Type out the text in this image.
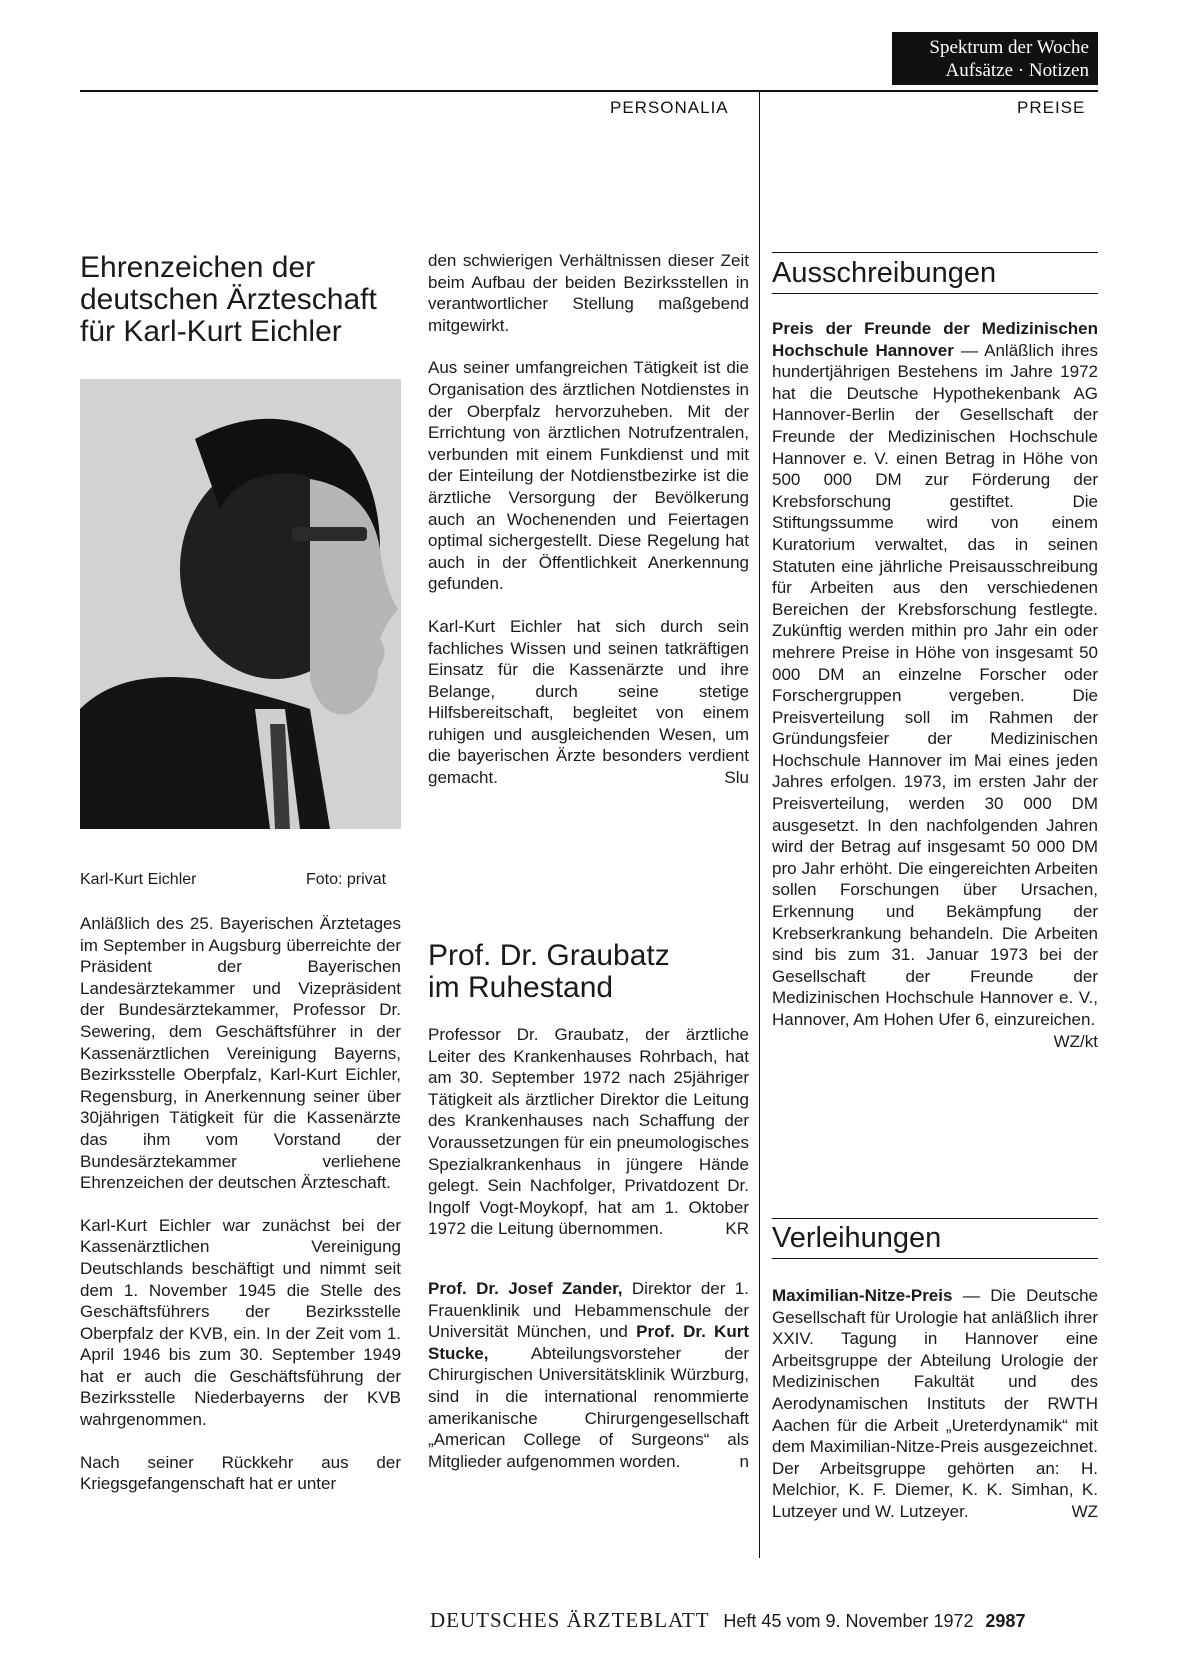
Spektrum der Woche
Aufsätze · Notizen
PERSONALIA	PREISE
Ehrenzeichen der
deutschen Ärzteschaft
für Karl-Kurt Eichler
Karl-Kurt Eichler	Foto: privat

Anläßlich des 25. Bayerischen Ärztetages im September in Augsburg überreichte der Präsident der Bayerischen Landesärztekammer und Vizepräsident der Bundesärztekammer, Professor Dr. Sewering, dem Geschäftsführer in der Kassenärztlichen Vereinigung Bayerns, Bezirksstelle Oberpfalz, Karl-Kurt Eichler, Regensburg, in Anerkennung seiner über 30jährigen Tätigkeit für die Kassenärzte das ihm vom Vorstand der Bundesärztekammer verliehene Ehrenzeichen der deutschen Ärzteschaft.

Karl-Kurt Eichler war zunächst bei der Kassenärztlichen Vereinigung Deutschlands beschäftigt und nimmt seit dem 1. November 1945 die Stelle des Geschäftsführers der Bezirksstelle Oberpfalz der KVB, ein. In der Zeit vom 1. April 1946 bis zum 30. September 1949 hat er auch die Geschäftsführung der Bezirksstelle Niederbayerns der KVB wahrgenommen.

Nach seiner Rückkehr aus der Kriegsgefangenschaft hat er unter

den schwierigen Verhältnissen dieser Zeit beim Aufbau der beiden Bezirksstellen in verantwortlicher Stellung maßgebend mitgewirkt.

Aus seiner umfangreichen Tätigkeit ist die Organisation des ärztlichen Notdienstes in der Oberpfalz hervorzuheben. Mit der Errichtung von ärztlichen Notrufzentralen, verbunden mit einem Funkdienst und mit der Einteilung der Notdienstbezirke ist die ärztliche Versorgung der Bevölkerung auch an Wochenenden und Feiertagen optimal sichergestellt. Diese Regelung hat auch in der Öffentlichkeit Anerkennung gefunden.

Karl-Kurt Eichler hat sich durch sein fachliches Wissen und seinen tatkräftigen Einsatz für die Kassenärzte und ihre Belange, durch seine stetige Hilfsbereitschaft, begleitet von einem ruhigen und ausgleichenden Wesen, um die bayerischen Ärzte besonders verdient gemacht.	Slu

Prof. Dr. Graubatz
im Ruhestand

Professor Dr. Graubatz, der ärztliche Leiter des Krankenhauses Rohrbach, hat am 30. September 1972 nach 25jähriger Tätigkeit als ärztlicher Direktor die Leitung des Krankenhauses nach Schaffung der Voraussetzungen für ein pneumologisches Spezialkrankenhaus in jüngere Hände gelegt. Sein Nachfolger, Privatdozent Dr. Ingolf Vogt-Moykopf, hat am 1. Oktober 1972 die Leitung übernommen.	KR

Prof. Dr. Josef Zander, Direktor der 1. Frauenklinik und Hebammenschule der Universität München, und Prof. Dr. Kurt Stucke, Abteilungsvorsteher der Chirurgischen Universitätsklinik Würzburg, sind in die international renommierte amerikanische Chirurgengesellschaft „American College of Surgeons“ als Mitglieder aufgenommen worden.	n

Ausschreibungen

Preis der Freunde der Medizinischen Hochschule Hannover — Anläßlich ihres hundertjährigen Bestehens im Jahre 1972 hat die Deutsche Hypothekenbank AG Hannover-Berlin der Gesellschaft der Freunde der Medizinischen Hochschule Hannover e. V. einen Betrag in Höhe von 500 000 DM zur Förderung der Krebsforschung gestiftet. Die Stiftungssumme wird von einem Kuratorium verwaltet, das in seinen Statuten eine jährliche Preisausschreibung für Arbeiten aus den verschiedenen Bereichen der Krebsforschung festlegte. Zukünftig werden mithin pro Jahr ein oder mehrere Preise in Höhe von insgesamt 50 000 DM an einzelne Forscher oder Forschergruppen vergeben. Die Preisverteilung soll im Rahmen der Gründungsfeier der Medizinischen Hochschule Hannover im Mai eines jeden Jahres erfolgen. 1973, im ersten Jahr der Preisverteilung, werden 30 000 DM ausgesetzt. In den nachfolgenden Jahren wird der Betrag auf insgesamt 50 000 DM pro Jahr erhöht. Die eingereichten Arbeiten sollen Forschungen über Ursachen, Erkennung und Bekämpfung der Krebserkrankung behandeln. Die Arbeiten sind bis zum 31. Januar 1973 bei der Gesellschaft der Freunde der Medizinischen Hochschule Hannover e. V., Hannover, Am Hohen Ufer 6, einzureichen.
WZ/kt

Verleihungen

Maximilian-Nitze-Preis — Die Deutsche Gesellschaft für Urologie hat anläßlich ihrer XXIV. Tagung in Hannover eine Arbeitsgruppe der Abteilung Urologie der Medizinischen Fakultät und des Aerodynamischen Instituts der RWTH Aachen für die Arbeit „Ureterdynamik“ mit dem Maximilian-Nitze-Preis ausgezeichnet. Der Arbeitsgruppe gehörten an: H. Melchior, K. F. Diemer, K. K. Simhan, K. Lutzeyer und W. Lutzeyer.	WZ

DEUTSCHES ÄRZTEBLATT Heft 45 vom 9. November 1972 2987
